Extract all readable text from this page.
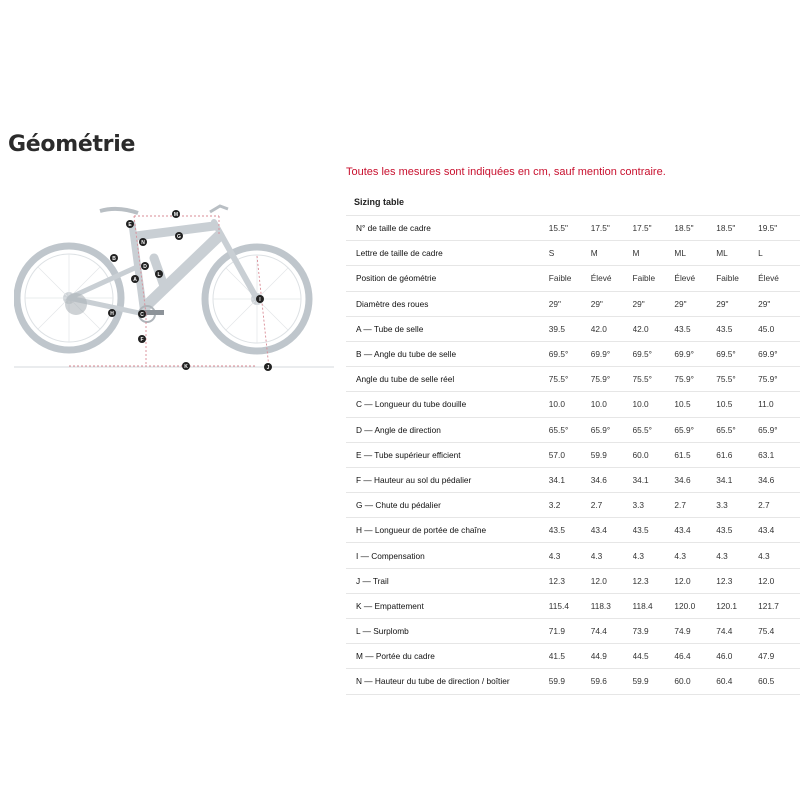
Géométrie
M
G
N
E
B
D
A
L
H	C
F
K
I
J
Toutes les mesures sont indiquées en cm, sauf mention contraire.
Sizing table
N° de taille de cadre	15.5"	17.5"	17.5"	18.5"	18.5"	19.5"
Lettre de taille de cadre	S	M	M	ML	ML	L
Position de géométrie	Faible	Élevé	Faible	Élevé	Faible	Élevé
Diamètre des roues	29"	29"	29"	29"	29"	29"
A — Tube de selle	39.5	42.0	42.0	43.5	43.5	45.0
B — Angle du tube de selle	69.5°	69.9°	69.5°	69.9°	69.5°	69.9°
Angle du tube de selle réel	75.5°	75.9°	75.5°	75.9°	75.5°	75.9°
C — Longueur du tube douille	10.0	10.0	10.0	10.5	10.5	11.0
D — Angle de direction	65.5°	65.9°	65.5°	65.9°	65.5°	65.9°
E — Tube supérieur efficient	57.0	59.9	60.0	61.5	61.6	63.1
F — Hauteur au sol du pédalier	34.1	34.6	34.1	34.6	34.1	34.6
G — Chute du pédalier	3.2	2.7	3.3	2.7	3.3	2.7
H — Longueur de portée de chaîne	43.5	43.4	43.5	43.4	43.5	43.4
I — Compensation	4.3	4.3	4.3	4.3	4.3	4.3
J — Trail	12.3	12.0	12.3	12.0	12.3	12.0
K — Empattement	115.4	118.3	118.4	120.0	120.1	121.7
L — Surplomb	71.9	74.4	73.9	74.9	74.4	75.4
M — Portée du cadre	41.5	44.9	44.5	46.4	46.0	47.9
N — Hauteur du tube de direction / boîtier	59.9	59.6	59.9	60.0	60.4	60.5
